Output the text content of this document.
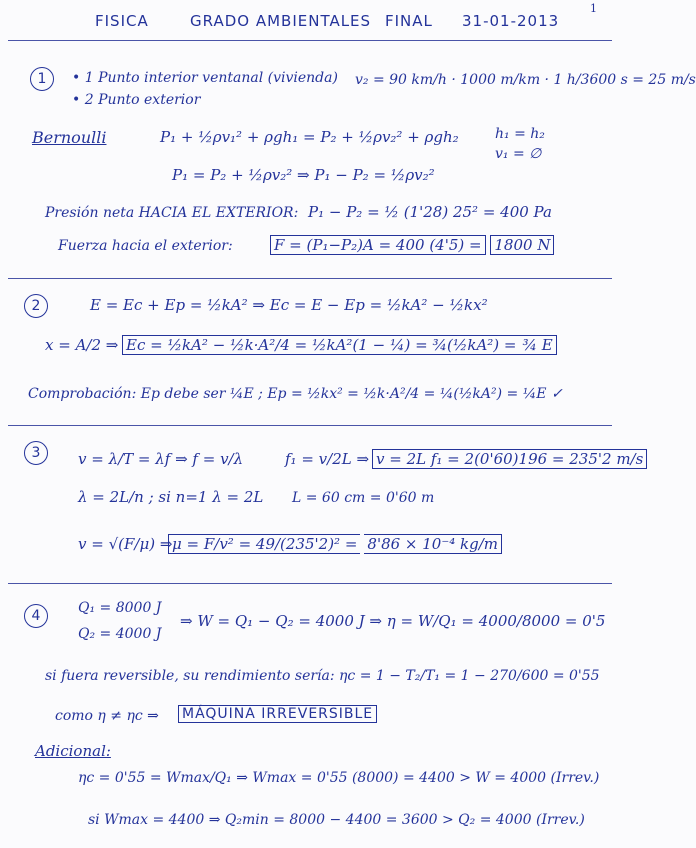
FISICA	GRADO AMBIENTALES FINAL 31-01-2013
1
1	• 1 Punto interior ventanal (vivienda)
• 2 Punto exterior
v₂ = 90 km/h · 1000 m/km · 1 h/3600 s = 25 m/s
Bernoulli	P₁ + ½ρv₁² + ρgh₁ = P₂ + ½ρv₂² + ρgh₂	h₁ = h₂
v₁ = ∅
P₁ = P₂ + ½ρv₂² ⇒ P₁ − P₂ = ½ρv₂²
Presión neta HACIA EL EXTERIOR: P₁ − P₂ = ½ (1'28) 25² = 400 Pa
Fuerza hacia el exterior:	F = (P₁−P₂)A = 400 (4'5) = 1800 N
2	E = Ec + Ep = ½kA² ⇒ Ec = E − Ep = ½kA² − ½kx²
x = A/2 ⇒ Ec = ½kA² − ½k·A²/4 = ½kA²(1 − ¼) = ¾(½kA²) = ¾ E
Comprobación: Ep debe ser ¼E ; Ep = ½kx² = ½k·A²/4 = ¼(½kA²) = ¼E ✓
3	v = λ/T = λf ⇒ f = v/λ	f₁ = v/2L ⇒ v = 2L f₁ = 2(0'60)196 = 235'2 m/s
λ = 2L/n ; si n=1 λ = 2L L = 60 cm = 0'60 m
v = √(F/μ) ⇒ μ = F/v² = 49/(235'2)² = 8'86 × 10⁻⁴ kg/m
4	Q₁ = 8000 J
Q₂ = 4000 J
⇒ W = Q₁ − Q₂ = 4000 J ⇒ η = W/Q₁ = 4000/8000 = 0'5
si fuera reversible, su rendimiento sería: ηc = 1 − T₂/T₁ = 1 − 270/600 = 0'55
como η ≠ ηc ⇒ MÁQUINA IRREVERSIBLE
Adicional:
ηc = 0'55 = Wmax/Q₁ ⇒ Wmax = 0'55 (8000) = 4400 > W = 4000 (Irrev.)
si Wmax = 4400 ⇒ Q₂min = 8000 − 4400 = 3600 > Q₂ = 4000 (Irrev.)
